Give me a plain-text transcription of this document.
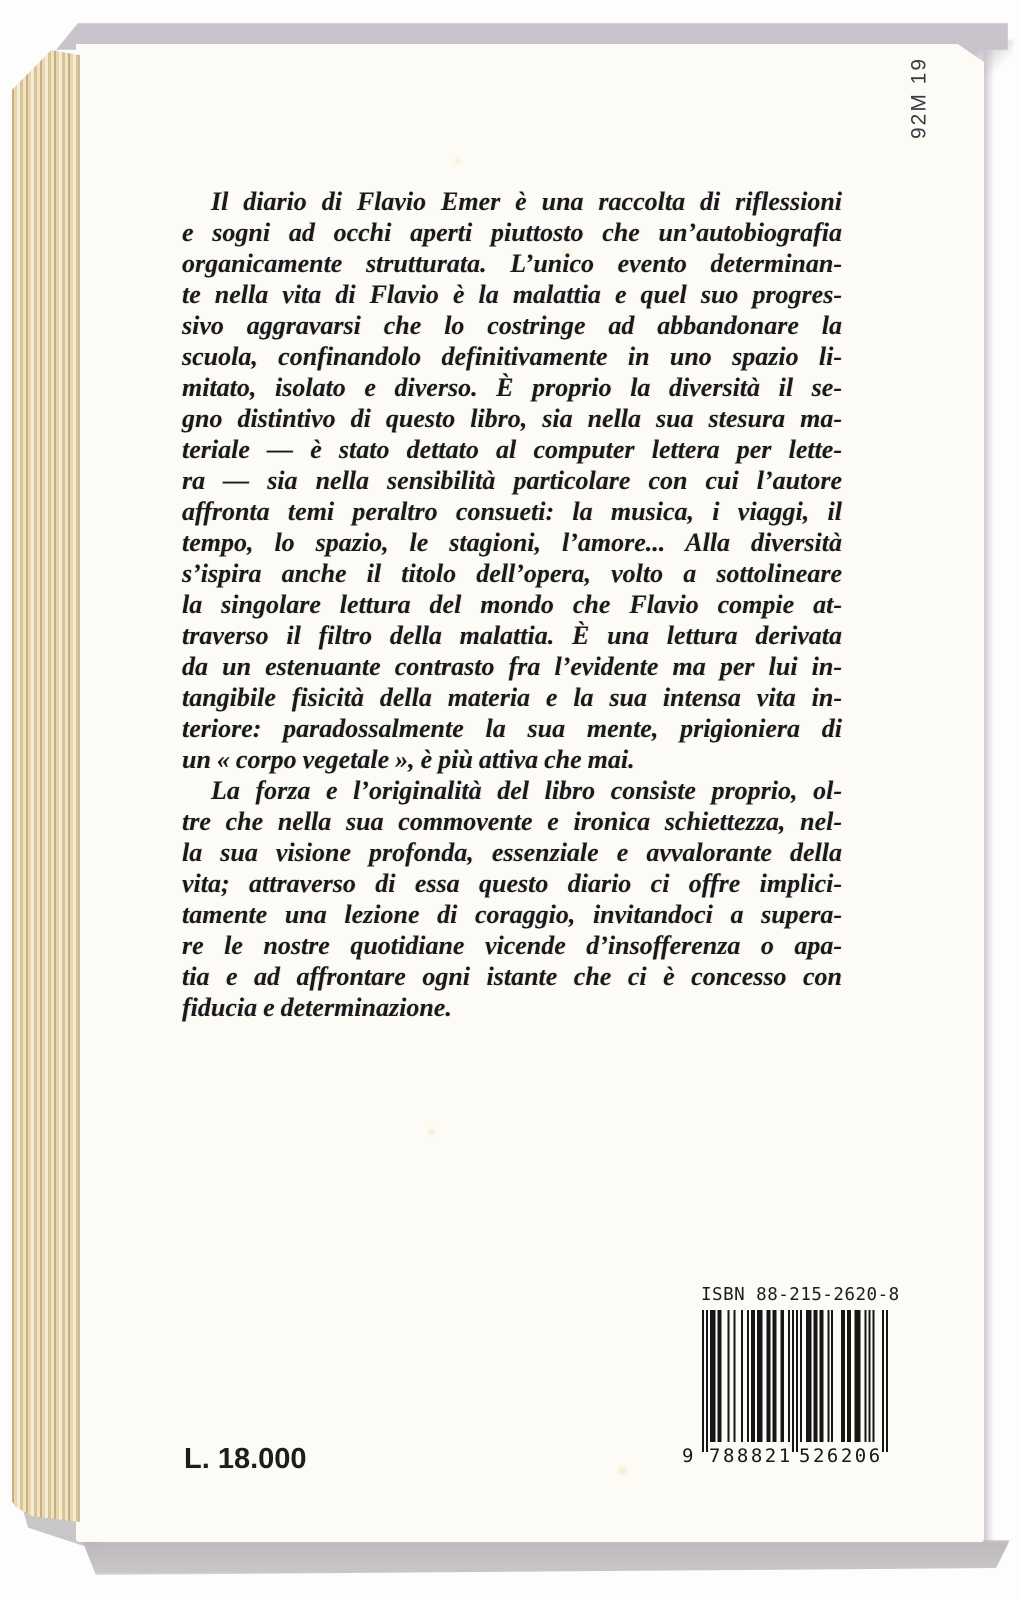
92M 19
Il diario di Flavio Emer è una raccolta di riflessioni
e sogni ad occhi aperti piuttosto che un’autobiografia
organicamente strutturata. L’unico evento determinan-
te nella vita di Flavio è la malattia e quel suo progres-
sivo aggravarsi che lo costringe ad abbandonare la
scuola, confinandolo definitivamente in uno spazio li-
mitato, isolato e diverso. È proprio la diversità il se-
gno distintivo di questo libro, sia nella sua stesura ma-
teriale — è stato dettato al computer lettera per lette-
ra — sia nella sensibilità particolare con cui l’autore
affronta temi peraltro consueti: la musica, i viaggi, il
tempo, lo spazio, le stagioni, l’amore... Alla diversità
s’ispira anche il titolo dell’opera, volto a sottolineare
la singolare lettura del mondo che Flavio compie at-
traverso il filtro della malattia. È una lettura derivata
da un estenuante contrasto fra l’evidente ma per lui in-
tangibile fisicità della materia e la sua intensa vita in-
teriore: paradossalmente la sua mente, prigioniera di
un « corpo vegetale », è più attiva che mai.
La forza e l’originalità del libro consiste proprio, ol-
tre che nella sua commovente e ironica schiettezza, nel-
la sua visione profonda, essenziale e avvalorante della
vita; attraverso di essa questo diario ci offre implici-
tamente una lezione di coraggio, invitandoci a supera-
re le nostre quotidiane vicende d’insofferenza o apa-
tia e ad affrontare ogni istante che ci è concesso con
fiducia e determinazione.
L. 18.000
ISBN 88-215-2620-8
9 788821 526206
